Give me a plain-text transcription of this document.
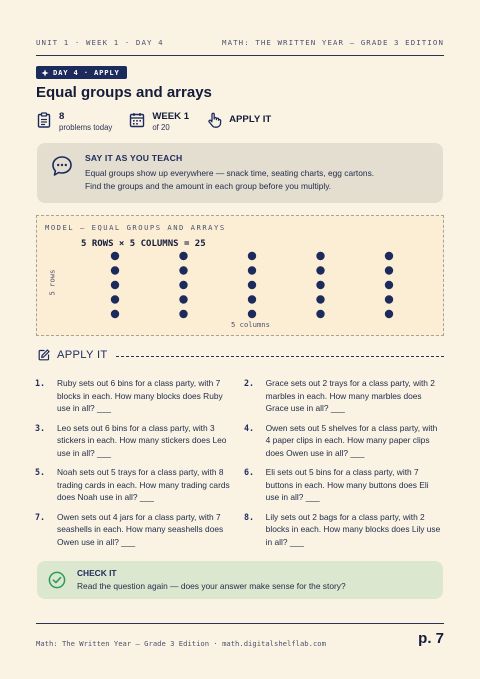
UNIT 1 · WEEK 1 · DAY 4	MATH: THE WRITTEN YEAR — GRADE 3 EDITION
DAY 4 · APPLY
Equal groups and arrays
8
problems today
WEEK 1
of 20
APPLY IT
SAY IT AS YOU TEACH
Equal groups show up everywhere — snack time, seating charts, egg cartons.
Find the groups and the amount in each group before you multiply.
MODEL — EQUAL GROUPS AND ARRAYS
5 ROWS × 5 COLUMNS = 25
5 rows
5 columns
APPLY IT
1.	Ruby sets out 6 bins for a class party, with 7 blocks in each. How many blocks does Ruby use in all? ___
2.	Grace sets out 2 trays for a class party, with 2 marbles in each. How many marbles does Grace use in all? ___
3.	Leo sets out 6 bins for a class party, with 3 stickers in each. How many stickers does Leo use in all? ___
4.	Owen sets out 5 shelves for a class party, with 4 paper clips in each. How many paper clips does Owen use in all? ___
5.	Noah sets out 5 trays for a class party, with 8 trading cards in each. How many trading cards does Noah use in all? ___
6.	Eli sets out 5 bins for a class party, with 7 buttons in each. How many buttons does Eli use in all? ___
7.	Owen sets out 4 jars for a class party, with 7 seashells in each. How many seashells does Owen use in all? ___
8.	Lily sets out 2 bags for a class party, with 2 blocks in each. How many blocks does Lily use in all? ___
CHECK IT
Read the question again — does your answer make sense for the story?
Math: The Written Year — Grade 3 Edition · math.digitalshelflab.com	p. 7
